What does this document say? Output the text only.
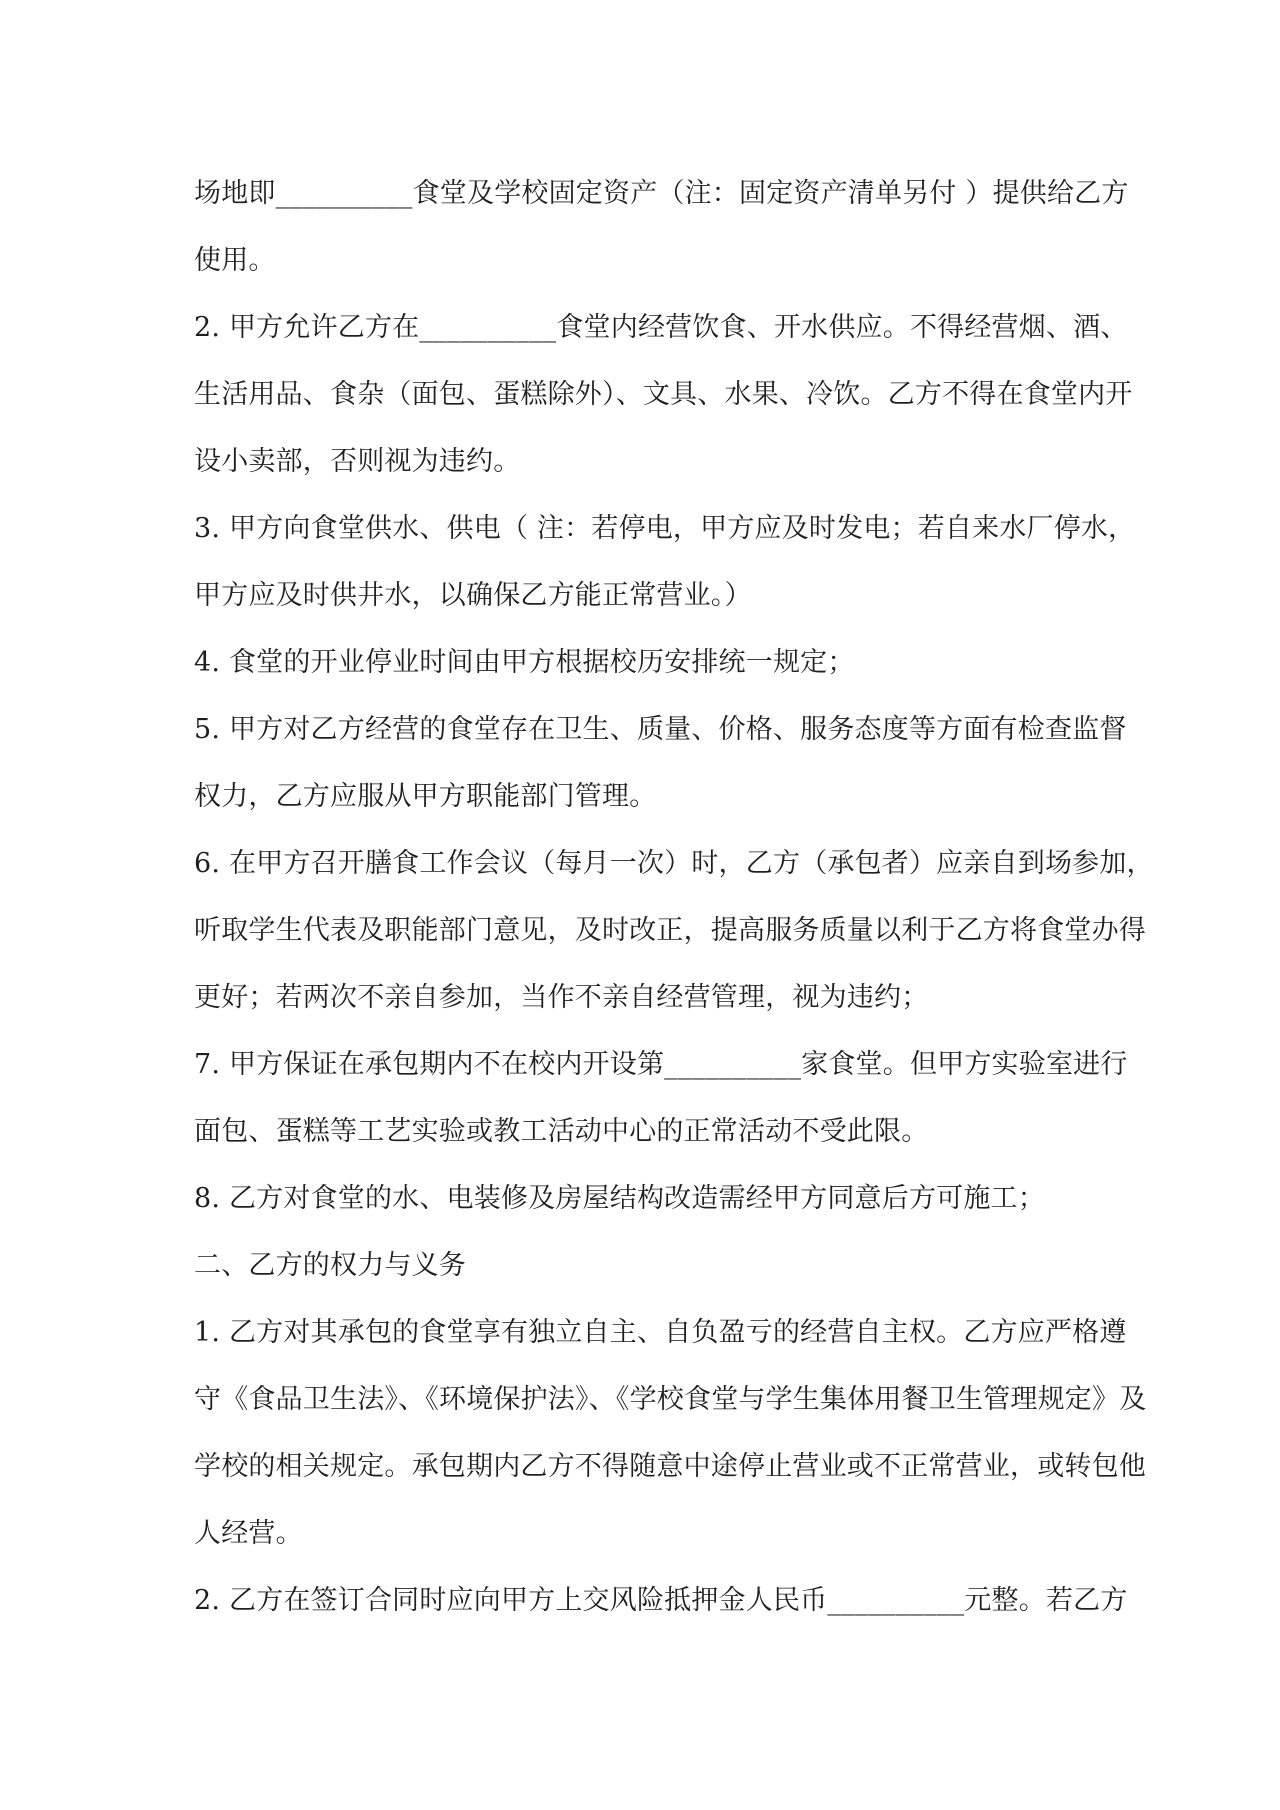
场地即__________食堂及学校固定资产（注：固定资产清单另付 ）提供给乙方
使用。
2. 甲方允许乙方在__________食堂内经营饮食、开水供应。不得经营烟、酒、
生活用品、食杂（面包、蛋糕除外）、文具、水果、冷饮。乙方不得在食堂内开
设小卖部，否则视为违约。
3. 甲方向食堂供水、供电（ 注：若停电，甲方应及时发电；若自来水厂停水，
甲方应及时供井水，以确保乙方能正常营业。）
4. 食堂的开业停业时间由甲方根据校历安排统一规定；
5. 甲方对乙方经营的食堂存在卫生、质量、价格、服务态度等方面有检查监督
权力，乙方应服从甲方职能部门管理。
6. 在甲方召开膳食工作会议（每月一次）时，乙方（承包者）应亲自到场参加，
听取学生代表及职能部门意见，及时改正，提高服务质量以利于乙方将食堂办得
更好；若两次不亲自参加，当作不亲自经营管理，视为违约；
7. 甲方保证在承包期内不在校内开设第__________家食堂。但甲方实验室进行
面包、蛋糕等工艺实验或教工活动中心的正常活动不受此限。
8. 乙方对食堂的水、电装修及房屋结构改造需经甲方同意后方可施工；
二、乙方的权力与义务
1. 乙方对其承包的食堂享有独立自主、自负盈亏的经营自主权。乙方应严格遵
守《食品卫生法》、《环境保护法》、《学校食堂与学生集体用餐卫生管理规定》及
学校的相关规定。承包期内乙方不得随意中途停止营业或不正常营业，或转包他
人经营。
2. 乙方在签订合同时应向甲方上交风险抵押金人民币__________元整。若乙方
